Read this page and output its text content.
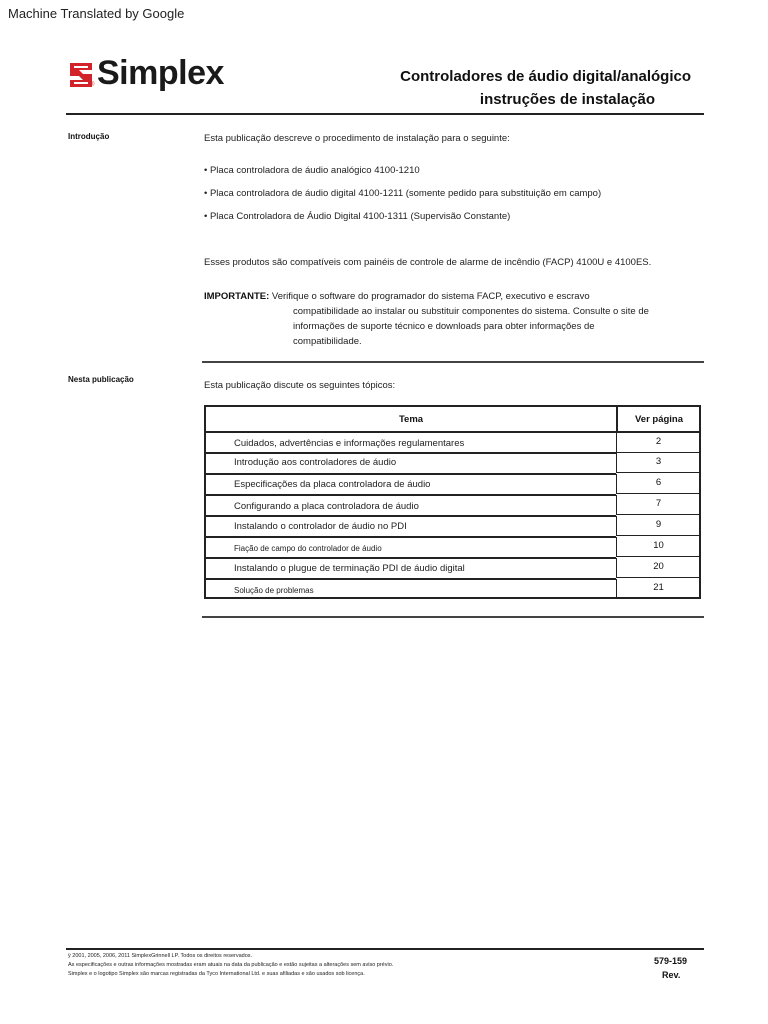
Machine Translated by Google
® Simplex	Controladores de áudio digital/analógico
instruções de instalação
Introdução	Esta publicação descreve o procedimento de instalação para o seguinte:
• Placa controladora de áudio analógico 4100-1210
• Placa controladora de áudio digital 4100-1211 (somente pedido para substituição em campo)
• Placa Controladora de Áudio Digital 4100-1311 (Supervisão Constante)
Esses produtos são compatíveis com painéis de controle de alarme de incêndio (FACP) 4100U e 4100ES.
IMPORTANTE: Verifique o software do programador do sistema FACP, executivo e escravo
compatibilidade ao instalar ou substituir componentes do sistema. Consulte o site de
informações de suporte técnico e downloads para obter informações de
compatibilidade.
Nesta publicação
Esta publicação discute os seguintes tópicos:
Tema	Ver página
Cuidados, advertências e informações regulamentares	2
Introdução aos controladores de áudio	3
Especificações da placa controladora de áudio	6
Configurando a placa controladora de áudio	7
Instalando o controlador de áudio no PDI	9
Fiação de campo do controlador de áudio	10
Instalando o plugue de terminação PDI de áudio digital	20
Solução de problemas	21
ÿ 2001, 2005, 2006, 2011 SimplexGrinnell LP. Todos os direitos reservados.
As especificações e outras informações mostradas eram atuais na data da publicação e estão sujeitas a alterações sem aviso prévio.
Simplex e o logotipo Simplex são marcas registradas da Tyco International Ltd. e suas afiliadas e são usados sob licença.
579-159
Rev.
